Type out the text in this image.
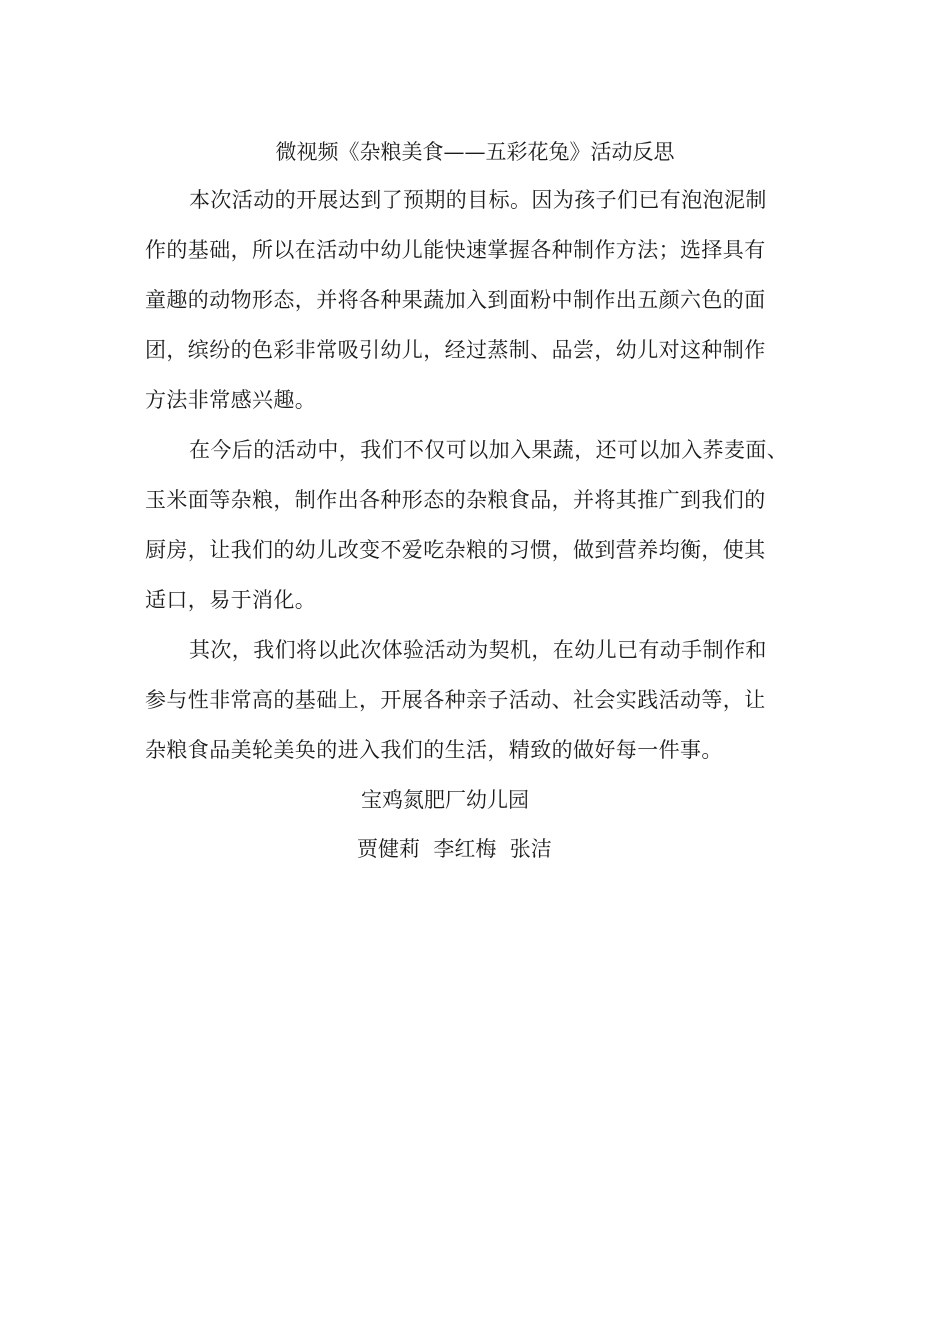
微视频《杂粮美食——五彩花兔》活动反思
本次活动的开展达到了预期的目标。因为孩子们已有泡泡泥制
作的基础，所以在活动中幼儿能快速掌握各种制作方法；选择具有
童趣的动物形态，并将各种果蔬加入到面粉中制作出五颜六色的面
团，缤纷的色彩非常吸引幼儿，经过蒸制、品尝，幼儿对这种制作
方法非常感兴趣。
在今后的活动中，我们不仅可以加入果蔬，还可以加入荞麦面、
玉米面等杂粮，制作出各种形态的杂粮食品，并将其推广到我们的
厨房，让我们的幼儿改变不爱吃杂粮的习惯，做到营养均衡，使其
适口，易于消化。
其次，我们将以此次体验活动为契机，在幼儿已有动手制作和
参与性非常高的基础上，开展各种亲子活动、社会实践活动等，让
杂粮食品美轮美奂的进入我们的生活，精致的做好每一件事。
宝鸡氮肥厂幼儿园
贾健莉  李红梅  张洁
